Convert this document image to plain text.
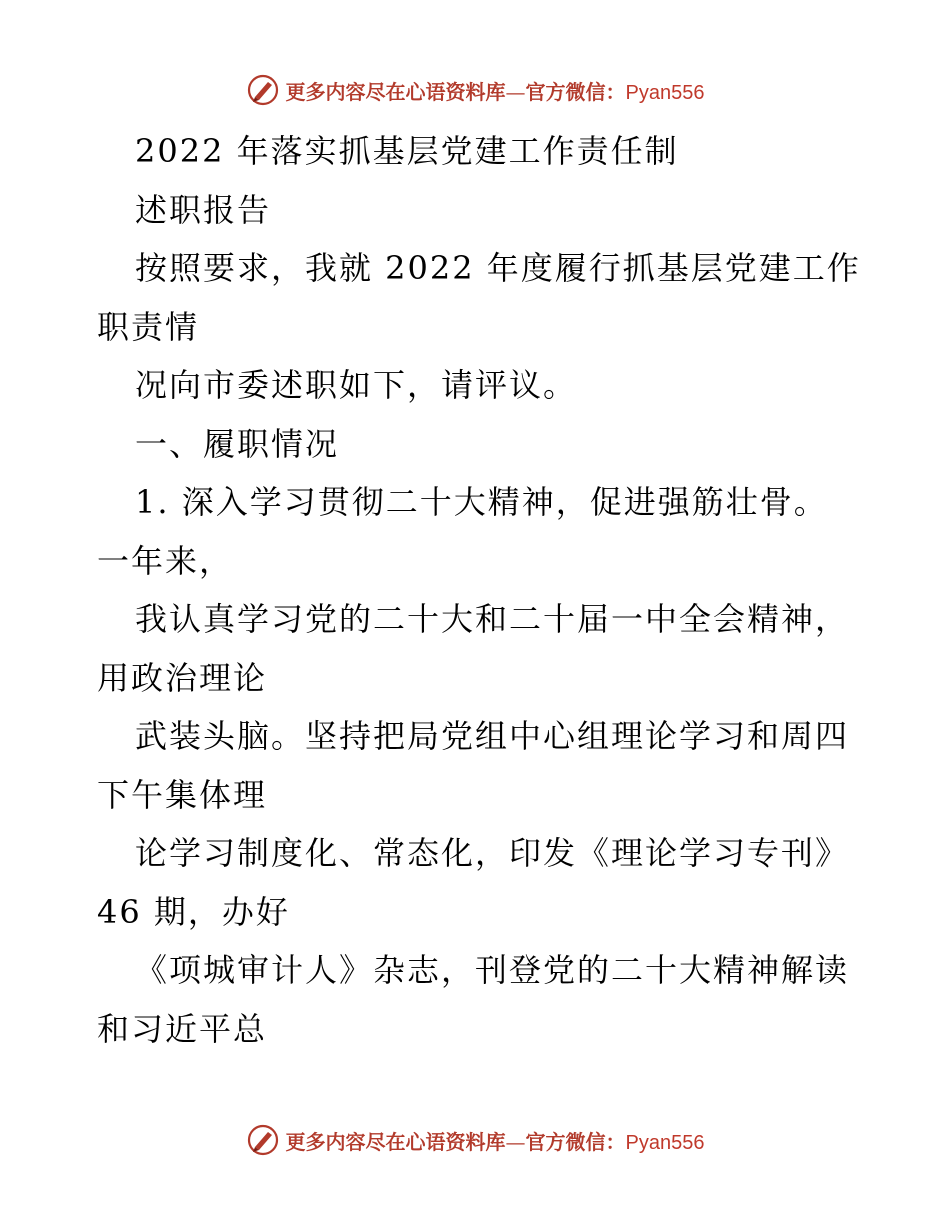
更多内容尽在心语资料库—官方微信：Pyan556
2022 年落实抓基层党建工作责任制
述职报告
按照要求，我就 2022 年度履行抓基层党建工作
职责情
况向市委述职如下，请评议。
一、履职情况
1. 深入学习贯彻二十大精神，促进强筋壮骨。
一年来，
我认真学习党的二十大和二十届一中全会精神，
用政治理论
武装头脑。坚持把局党组中心组理论学习和周四
下午集体理
论学习制度化、常态化，印发《理论学习专刊》
46 期，办好
《项城审计人》杂志，刊登党的二十大精神解读
和习近平总
更多内容尽在心语资料库—官方微信：Pyan556
